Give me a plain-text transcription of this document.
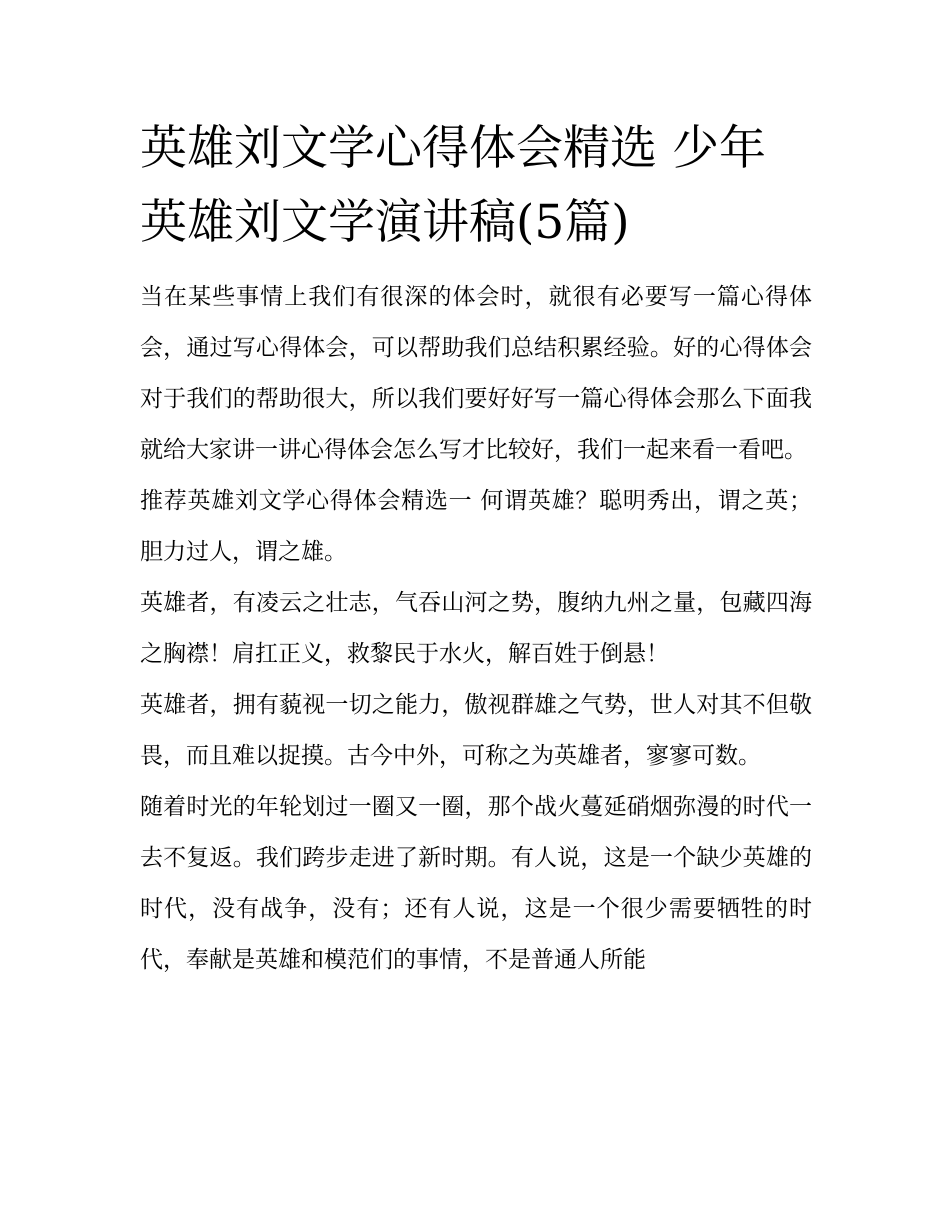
英雄刘文学心得体会精选 少年英雄刘文学演讲稿(5篇)

当在某些事情上我们有很深的体会时，就很有必要写一篇心得体会，通过写心得体会，可以帮助我们总结积累经验。好的心得体会对于我们的帮助很大，所以我们要好好写一篇心得体会那么下面我就给大家讲一讲心得体会怎么写才比较好，我们一起来看一看吧。

推荐英雄刘文学心得体会精选一 何谓英雄？聪明秀出，谓之英；胆力过人，谓之雄。

英雄者，有凌云之壮志，气吞山河之势，腹纳九州之量，包藏四海之胸襟！肩扛正义，救黎民于水火，解百姓于倒悬！

英雄者，拥有藐视一切之能力，傲视群雄之气势，世人对其不但敬畏，而且难以捉摸。古今中外，可称之为英雄者，寥寥可数。

随着时光的年轮划过一圈又一圈，那个战火蔓延硝烟弥漫的时代一去不复返。我们跨步走进了新时期。有人说，这是一个缺少英雄的时代，没有战争，没有；还有人说，这是一个很少需要牺牲的时代，奉献是英雄和模范们的事情，不是普通人所能
